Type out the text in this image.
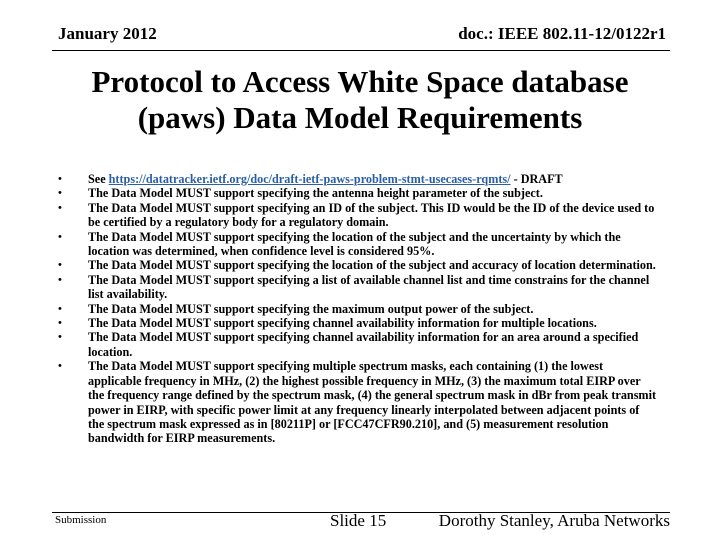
January 2012	doc.: IEEE 802.11-12/0122r1
Protocol to Access White Space database
(paws) Data Model Requirements
• See https://datatracker.ietf.org/doc/draft-ietf-paws-problem-stmt-usecases-rqmts/ - DRAFT
• The Data Model MUST support specifying the antenna height parameter of the subject.
• The Data Model MUST support specifying an ID of the subject. This ID would be the ID of the device used to be certified by a regulatory body for a regulatory domain.
• The Data Model MUST support specifying the location of the subject and the uncertainty by which the location was determined, when confidence level is considered 95%.
• The Data Model MUST support specifying the location of the subject and accuracy of location determination.
• The Data Model MUST support specifying a list of available channel list and time constrains for the channel list availability.
• The Data Model MUST support specifying the maximum output power of the subject.
• The Data Model MUST support specifying channel availability information for multiple locations.
• The Data Model MUST support specifying channel availability information for an area around a specified location.
• The Data Model MUST support specifying multiple spectrum masks, each containing (1) the lowest applicable frequency in MHz, (2) the highest possible frequency in MHz, (3) the maximum total EIRP over the frequency range defined by the spectrum mask, (4) the general spectrum mask in dBr from peak transmit power in EIRP, with specific power limit at any frequency linearly interpolated between adjacent points of the spectrum mask expressed as in [80211P] or [FCC47CFR90.210], and (5) measurement resolution bandwidth for EIRP measurements.
Submission	Slide 15	Dorothy Stanley, Aruba Networks
